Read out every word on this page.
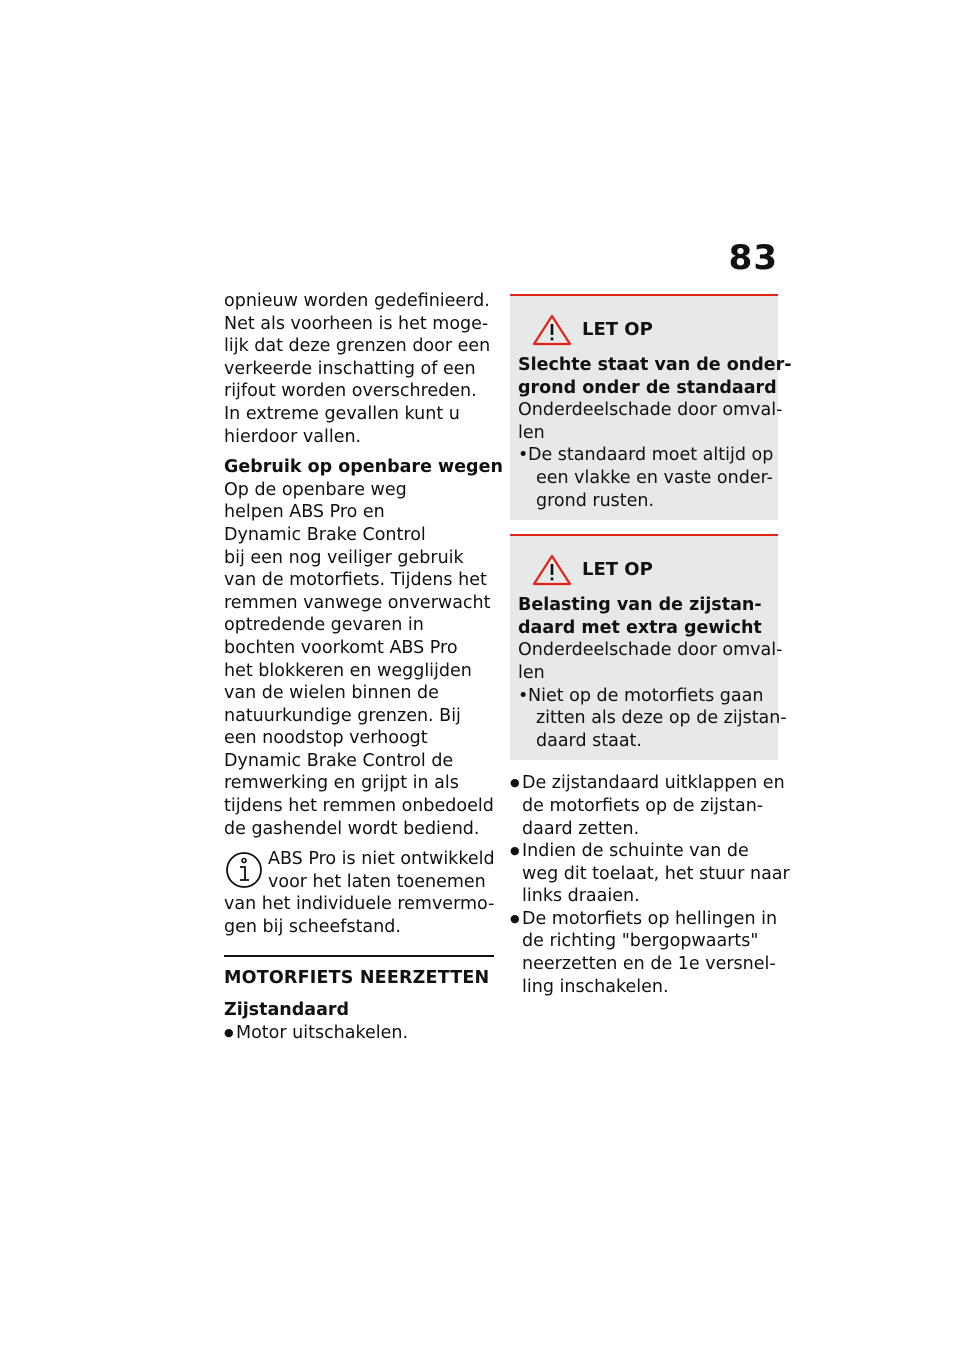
83
opnieuw worden gedefinieerd.
Net als voorheen is het moge-
lijk dat deze grenzen door een
verkeerde inschatting of een
rijfout worden overschreden.
In extreme gevallen kunt u
hierdoor vallen.
Gebruik op openbare wegen
Op de openbare weg
helpen ABS Pro en
Dynamic Brake Control
bij een nog veiliger gebruik
van de motorfiets. Tijdens het
remmen vanwege onverwacht
optredende gevaren in
bochten voorkomt ABS Pro
het blokkeren en wegglijden
van de wielen binnen de
natuurkundige grenzen. Bij
een noodstop verhoogt
Dynamic Brake Control de
remwerking en grijpt in als
tijdens het remmen onbedoeld
de gashendel wordt bediend.
ABS Pro is niet ontwikkeld
voor het laten toenemen
van het individuele remvermo-
gen bij scheefstand.
MOTORFIETS NEERZETTEN
Zijstandaard
● Motor uitschakelen.
LET OP
Slechte staat van de onder-
grond onder de standaard
Onderdeelschade door omval-
len
• De standaard moet altijd op
een vlakke en vaste onder-
grond rusten.
LET OP
Belasting van de zijstan-
daard met extra gewicht
Onderdeelschade door omval-
len
• Niet op de motorfiets gaan
zitten als deze op de zijstan-
daard staat.
● De zijstandaard uitklappen en
de motorfiets op de zijstan-
daard zetten.
● Indien de schuinte van de
weg dit toelaat, het stuur naar
links draaien.
● De motorfiets op hellingen in
de richting "bergopwaarts"
neerzetten en de 1e versnel-
ling inschakelen.
